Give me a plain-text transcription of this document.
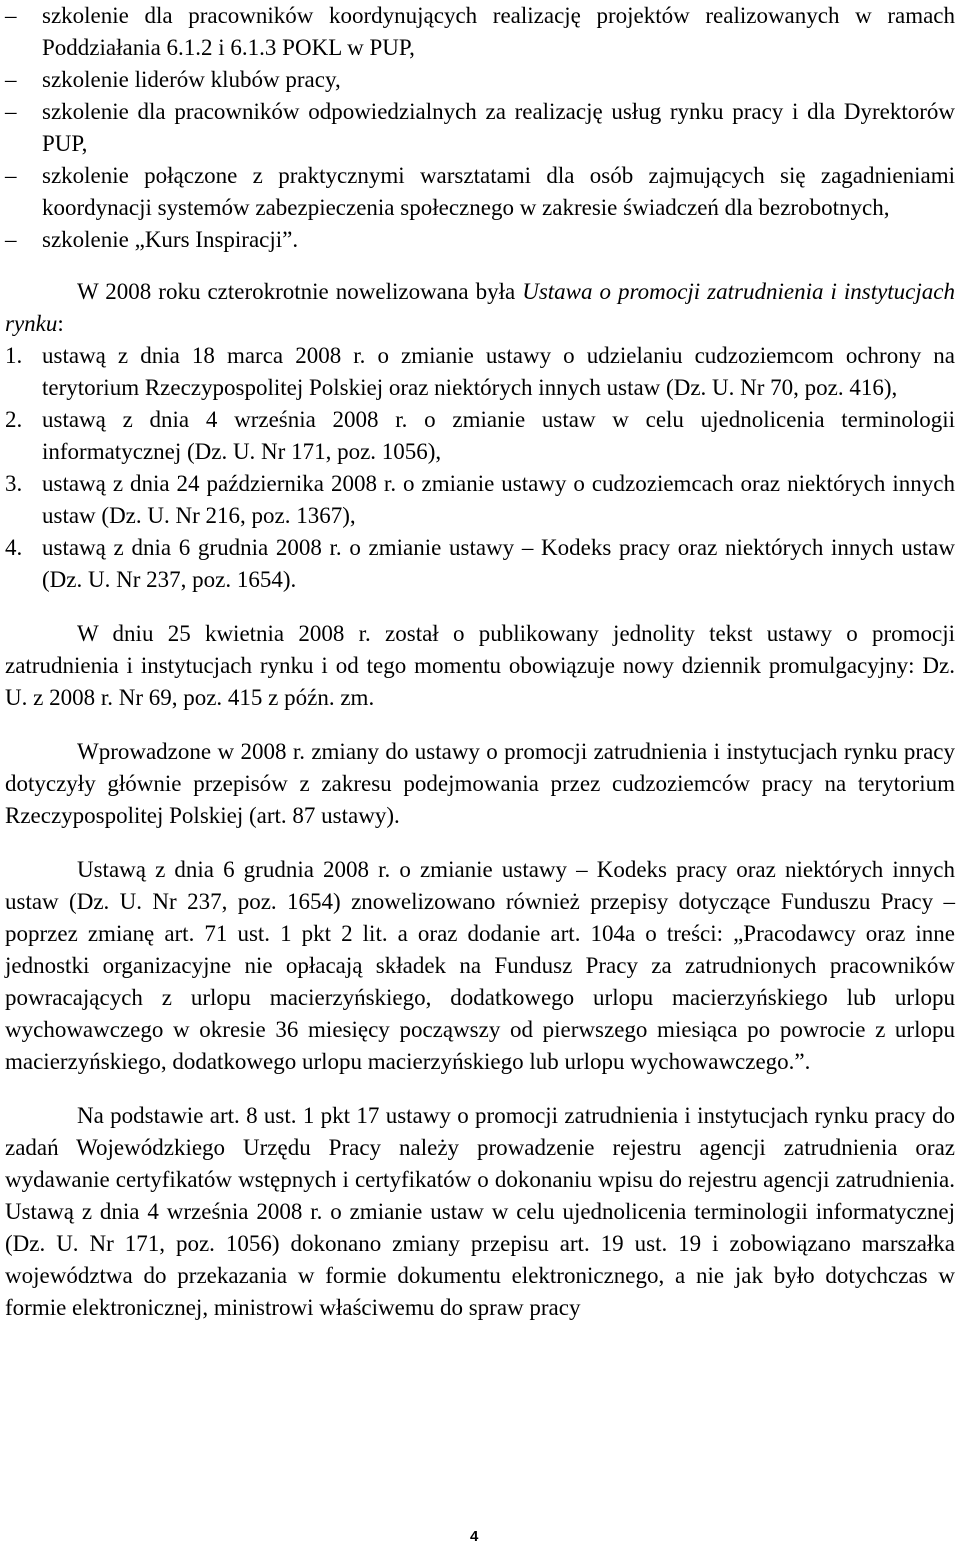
–	szkolenie dla pracowników koordynujących realizację projektów realizowanych w ramach Poddziałania 6.1.2 i 6.1.3 POKL w PUP,
–	szkolenie liderów klubów pracy,
–	szkolenie dla pracowników odpowiedzialnych za realizację usług rynku pracy i dla Dyrektorów PUP,
–	szkolenie połączone z praktycznymi warsztatami dla osób zajmujących się zagadnieniami koordynacji systemów zabezpieczenia społecznego w zakresie świadczeń dla bezrobotnych,
–	szkolenie „Kurs Inspiracji”.

W 2008 roku czterokrotnie nowelizowana była Ustawa o promocji zatrudnienia i instytucjach rynku:

1. ustawą z dnia 18 marca 2008 r. o zmianie ustawy o udzielaniu cudzoziemcom ochrony na terytorium Rzeczypospolitej Polskiej oraz niektórych innych ustaw (Dz. U. Nr 70, poz. 416),
2. ustawą z dnia 4 września 2008 r. o zmianie ustaw w celu ujednolicenia terminologii informatycznej (Dz. U. Nr 171, poz. 1056),
3. ustawą z dnia 24 października 2008 r. o zmianie ustawy o cudzoziemcach oraz niektórych innych ustaw (Dz. U. Nr 216, poz. 1367),
4. ustawą z dnia 6 grudnia 2008 r. o zmianie ustawy – Kodeks pracy oraz niektórych innych ustaw (Dz. U. Nr 237, poz. 1654).

W dniu 25 kwietnia 2008 r. został o publikowany jednolity tekst ustawy o promocji zatrudnienia i instytucjach rynku i od tego momentu obowiązuje nowy dziennik promulgacyjny: Dz. U. z 2008 r. Nr 69, poz. 415 z późn. zm.

Wprowadzone w 2008 r. zmiany do ustawy o promocji zatrudnienia i instytucjach rynku pracy dotyczyły głównie przepisów z zakresu podejmowania przez cudzoziemców pracy na terytorium Rzeczypospolitej Polskiej (art. 87 ustawy).

Ustawą z dnia 6 grudnia 2008 r. o zmianie ustawy – Kodeks pracy oraz niektórych innych ustaw (Dz. U. Nr 237, poz. 1654) znowelizowano również przepisy dotyczące Funduszu Pracy – poprzez zmianę art. 71 ust. 1 pkt 2 lit. a oraz dodanie art. 104a o treści: „Pracodawcy oraz inne jednostki organizacyjne nie opłacają składek na Fundusz Pracy za zatrudnionych pracowników powracających z urlopu macierzyńskiego, dodatkowego urlopu macierzyńskiego lub urlopu wychowawczego w okresie 36 miesięcy począwszy od pierwszego miesiąca po powrocie z urlopu macierzyńskiego, dodatkowego urlopu macierzyńskiego lub urlopu wychowawczego.”.

Na podstawie art. 8 ust. 1 pkt 17 ustawy o promocji zatrudnienia i instytucjach rynku pracy do zadań Wojewódzkiego Urzędu Pracy należy prowadzenie rejestru agencji zatrudnienia oraz wydawanie certyfikatów wstępnych i certyfikatów o dokonaniu wpisu do rejestru agencji zatrudnienia. Ustawą z dnia 4 września 2008 r. o zmianie ustaw w celu ujednolicenia terminologii informatycznej (Dz. U. Nr 171, poz. 1056) dokonano zmiany przepisu art. 19 ust. 19 i zobowiązano marszałka województwa do przekazania w formie dokumentu elektronicznego, a nie jak było dotychczas w formie elektronicznej, ministrowi właściwemu do spraw pracy

4
